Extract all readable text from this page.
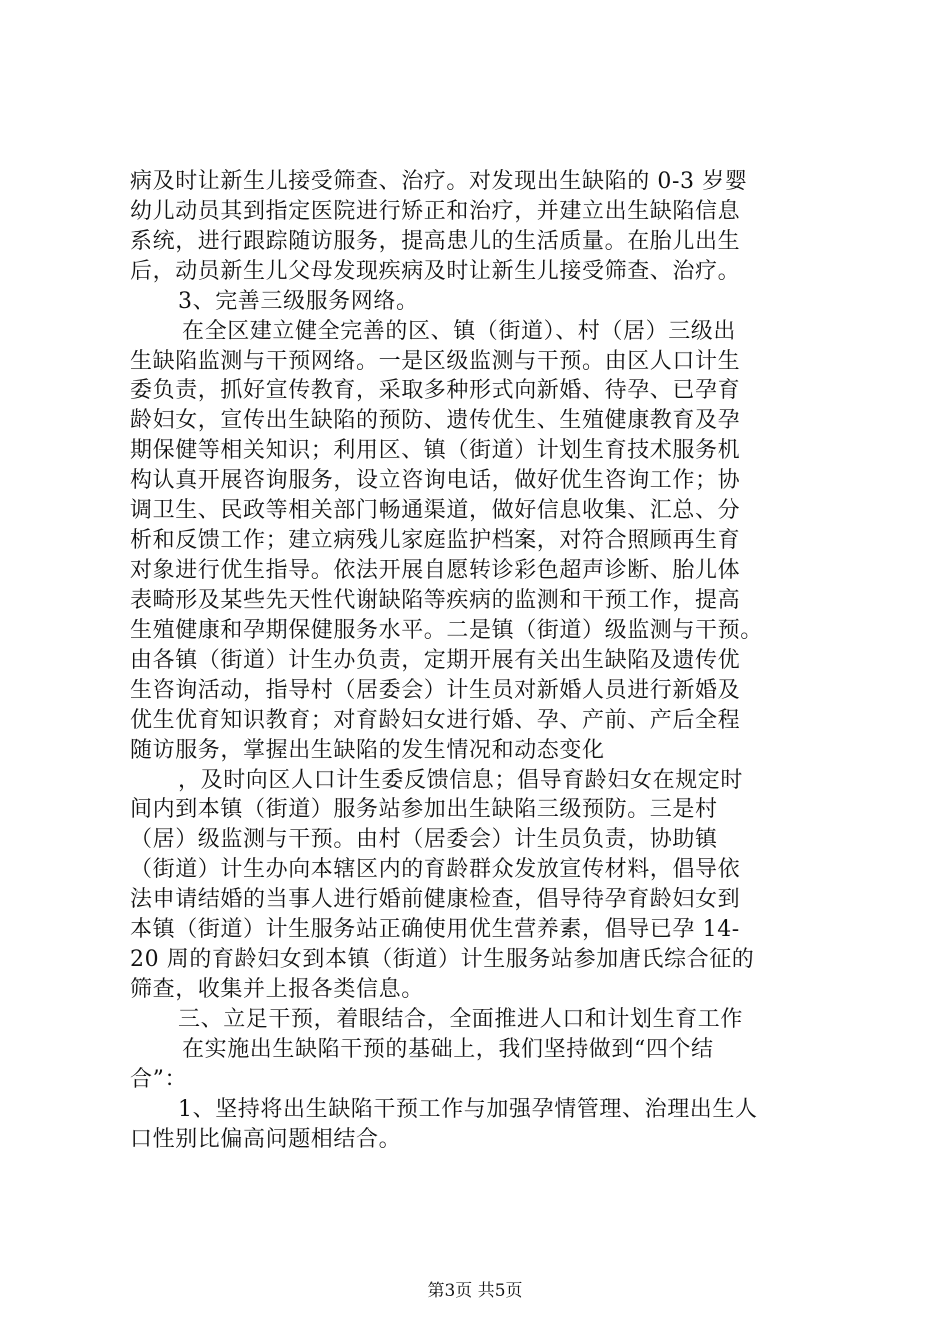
病及时让新生儿接受筛查、治疗。对发现出生缺陷的 0-3 岁婴
幼儿动员其到指定医院进行矫正和治疗，并建立出生缺陷信息
系统，进行跟踪随访服务，提高患儿的生活质量。在胎儿出生
后，动员新生儿父母发现疾病及时让新生儿接受筛查、治疗。
3、完善三级服务网络。
在全区建立健全完善的区、镇（街道）、村（居）三级出
生缺陷监测与干预网络。一是区级监测与干预。由区人口计生
委负责，抓好宣传教育，采取多种形式向新婚、待孕、已孕育
龄妇女，宣传出生缺陷的预防、遗传优生、生殖健康教育及孕
期保健等相关知识；利用区、镇（街道）计划生育技术服务机
构认真开展咨询服务，设立咨询电话，做好优生咨询工作；协
调卫生、民政等相关部门畅通渠道，做好信息收集、汇总、分
析和反馈工作；建立病残儿家庭监护档案，对符合照顾再生育
对象进行优生指导。依法开展自愿转诊彩色超声诊断、胎儿体
表畸形及某些先天性代谢缺陷等疾病的监测和干预工作，提高
生殖健康和孕期保健服务水平。二是镇（街道）级监测与干预。
由各镇（街道）计生办负责，定期开展有关出生缺陷及遗传优
生咨询活动，指导村（居委会）计生员对新婚人员进行新婚及
优生优育知识教育；对育龄妇女进行婚、孕、产前、产后全程
随访服务，掌握出生缺陷的发生情况和动态变化
，及时向区人口计生委反馈信息；倡导育龄妇女在规定时
间内到本镇（街道）服务站参加出生缺陷三级预防。三是村
（居）级监测与干预。由村（居委会）计生员负责，协助镇
（街道）计生办向本辖区内的育龄群众发放宣传材料，倡导依
法申请结婚的当事人进行婚前健康检查，倡导待孕育龄妇女到
本镇（街道）计生服务站正确使用优生营养素，倡导已孕 14-
20 周的育龄妇女到本镇（街道）计生服务站参加唐氏综合征的
筛查，收集并上报各类信息。
三、立足干预，着眼结合，全面推进人口和计划生育工作
在实施出生缺陷干预的基础上，我们坚持做到“四个结
合”：
1、坚持将出生缺陷干预工作与加强孕情管理、治理出生人
口性别比偏高问题相结合。
第3页 共5页
